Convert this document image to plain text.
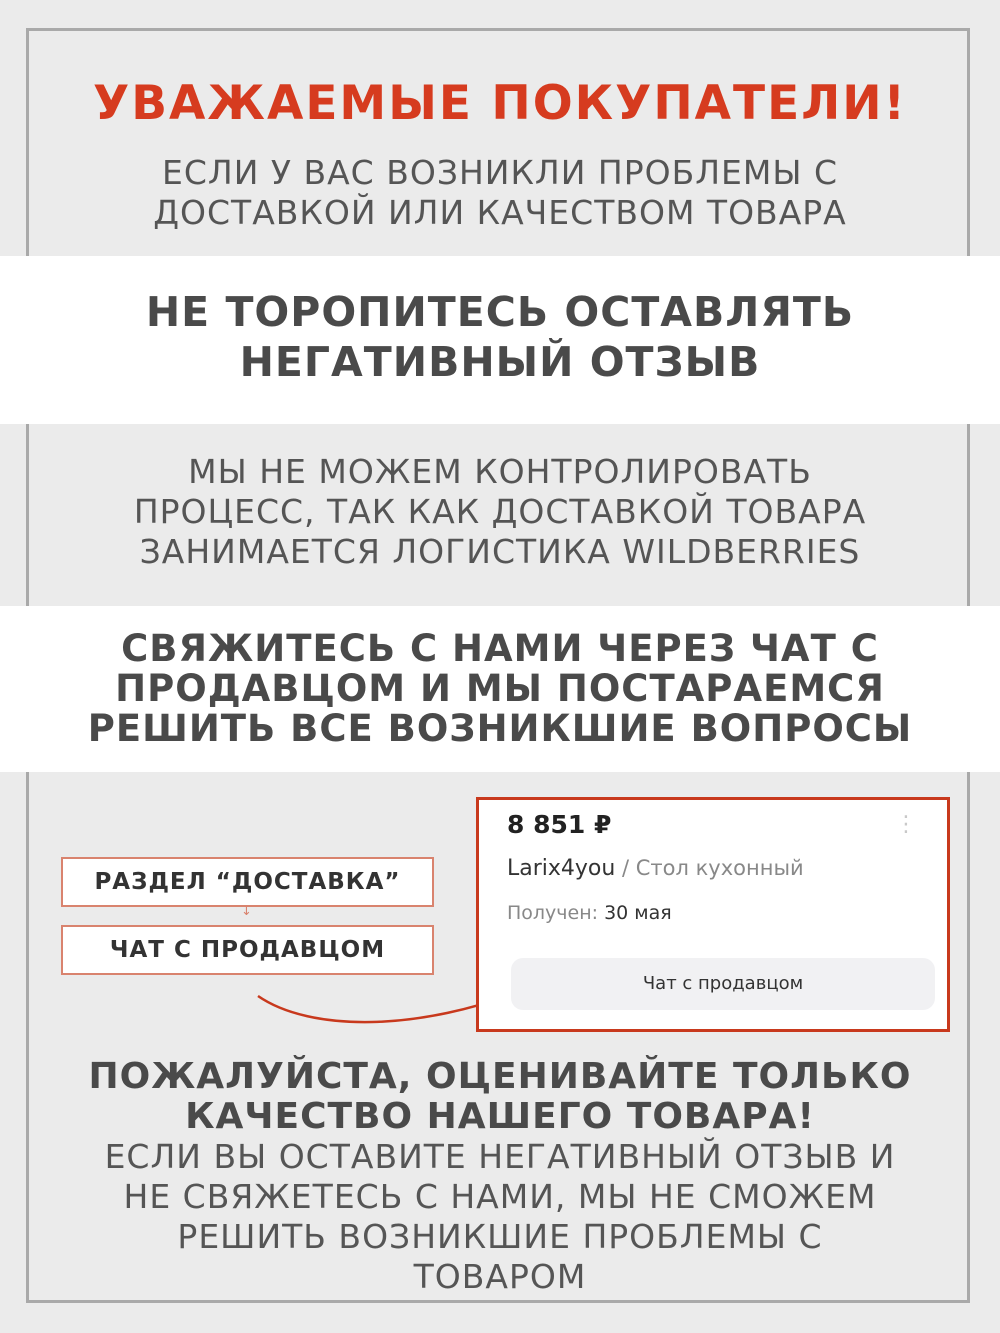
УВАЖАЕМЫЕ ПОКУПАТЕЛИ!
ЕСЛИ У ВАС ВОЗНИКЛИ ПРОБЛЕМЫ С
ДОСТАВКОЙ ИЛИ КАЧЕСТВОМ ТОВАРА
НЕ ТОРОПИТЕСЬ ОСТАВЛЯТЬ
НЕГАТИВНЫЙ ОТЗЫВ
МЫ НЕ МОЖЕМ КОНТРОЛИРОВАТЬ
ПРОЦЕСС, ТАК КАК ДОСТАВКОЙ ТОВАРА
ЗАНИМАЕТСЯ ЛОГИСТИКА WILDBERRIES
СВЯЖИТЕСЬ С НАМИ ЧЕРЕЗ ЧАТ С
ПРОДАВЦОМ И МЫ ПОСТАРАЕМСЯ
РЕШИТЬ ВСЕ ВОЗНИКШИЕ ВОПРОСЫ
РАЗДЕЛ “ДОСТАВКА”
↓
ЧАТ С ПРОДАВЦОМ
8 851 ₽	⋮
Larix4you / Стол кухонный
Получен: 30 мая
Чат с продавцом
ПОЖАЛУЙСТА, ОЦЕНИВАЙТЕ ТОЛЬКО
КАЧЕСТВО НАШЕГО ТОВАРА!
ЕСЛИ ВЫ ОСТАВИТЕ НЕГАТИВНЫЙ ОТЗЫВ И
НЕ СВЯЖЕТЕСЬ С НАМИ, МЫ НЕ СМОЖЕМ
РЕШИТЬ ВОЗНИКШИЕ ПРОБЛЕМЫ С
ТОВАРОМ
